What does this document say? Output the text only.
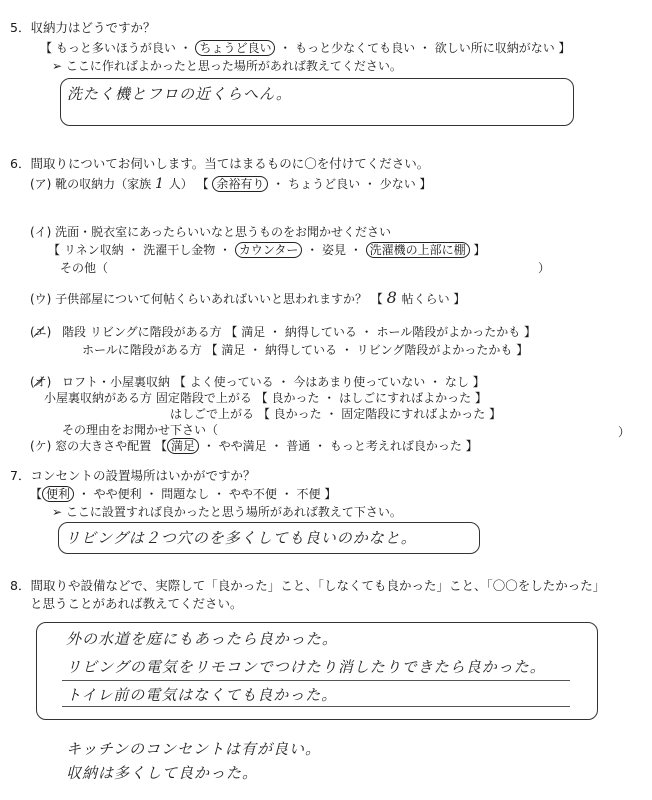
5．収納力はどうですか？
【 もっと多いほうが良い ・ ちょうど良い ・ もっと少なくても良い ・ 欲しい所に収納がない 】
➢ ここに作ればよかったと思った場所があれば教えてください。
洗たく機とフロの近くらへん。
6．間取りについてお伺いします。当てはまるものに〇を付けてください。
(ア) 靴の収納力（家族 1 人） 【 余裕有り ・ ちょうど良い ・ 少ない 】
(イ) 洗面・脱衣室にあったらいいなと思うものをお聞かせください
【 リネン収納 ・ 洗濯干し金物 ・ カウンター ・ 姿見 ・ 洗濯機の上部に棚 】
その他（	）
(ウ) 子供部屋について何帖くらいあればいいと思われますか？ 【 8 帖くらい 】
(エ) 階段 リビングに階段がある方 【 満足 ・ 納得している ・ ホール階段がよかったかも 】
ホールに階段がある方 【 満足 ・ 納得している ・ リビング階段がよかったかも 】
(オ) ロフト・小屋裏収納 【 よく使っている ・ 今はあまり使っていない ・ なし 】
小屋裏収納がある方 固定階段で上がる 【 良かった ・ はしごにすればよかった 】
はしごで上がる 【 良かった ・ 固定階段にすればよかった 】
その理由をお聞かせ下さい（	）
(ケ) 窓の大きさや配置 【 満足 ・ やや満足 ・ 普通 ・ もっと考えれば良かった 】
7．コンセントの設置場所はいかがですか？
【 便利 ・ やや便利 ・ 問題なし ・ やや不便 ・ 不便 】
➢ ここに設置すれば良かったと思う場所があれば教えて下さい。
リビングは２つ穴のを多くしても良いのかなと。
8．間取りや設備などで、実際して「良かった」こと、「しなくても良かった」こと、「〇〇をしたかった」
と思うことがあれば教えてください。
外の水道を庭にもあったら良かった。
リビングの電気をリモコンでつけたり消したりできたら良かった。
トイレ前の電気はなくても良かった。
キッチンのコンセントは有が良い。
収納は多くして良かった。
